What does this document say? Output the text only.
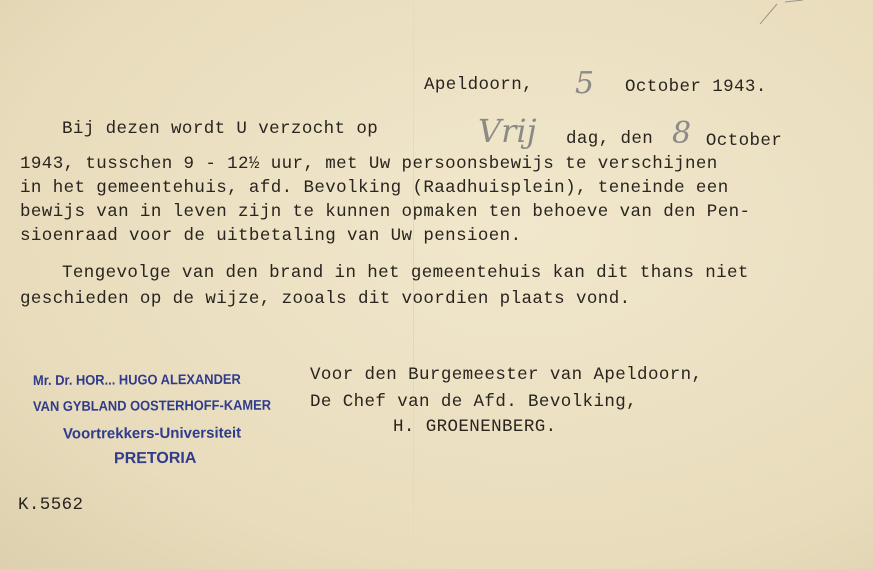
Apeldoorn, 5 October 1943.
Bij dezen wordt U verzocht op	Vrij dag, den 8 October
1943, tusschen 9 - 12½ uur, met Uw persoonsbewijs te verschijnen
in het gemeentehuis, afd. Bevolking (Raadhuisplein), teneinde een
bewijs van in leven zijn te kunnen opmaken ten behoeve van den Pen-
sioenraad voor de uitbetaling van Uw pensioen.
Tengevolge van den brand in het gemeentehuis kan dit thans niet
geschieden op de wijze, zooals dit voordien plaats vond.
Voor den Burgemeester van Apeldoorn,
De Chef van de Afd. Bevolking,
H. GROENENBERG.
Mr. Dr. HOR... HUGO ALEXANDER
VAN GYBLAND OOSTERHOFF-KAMER
Voortrekkers-Universiteit
PRETORIA
K.5562
